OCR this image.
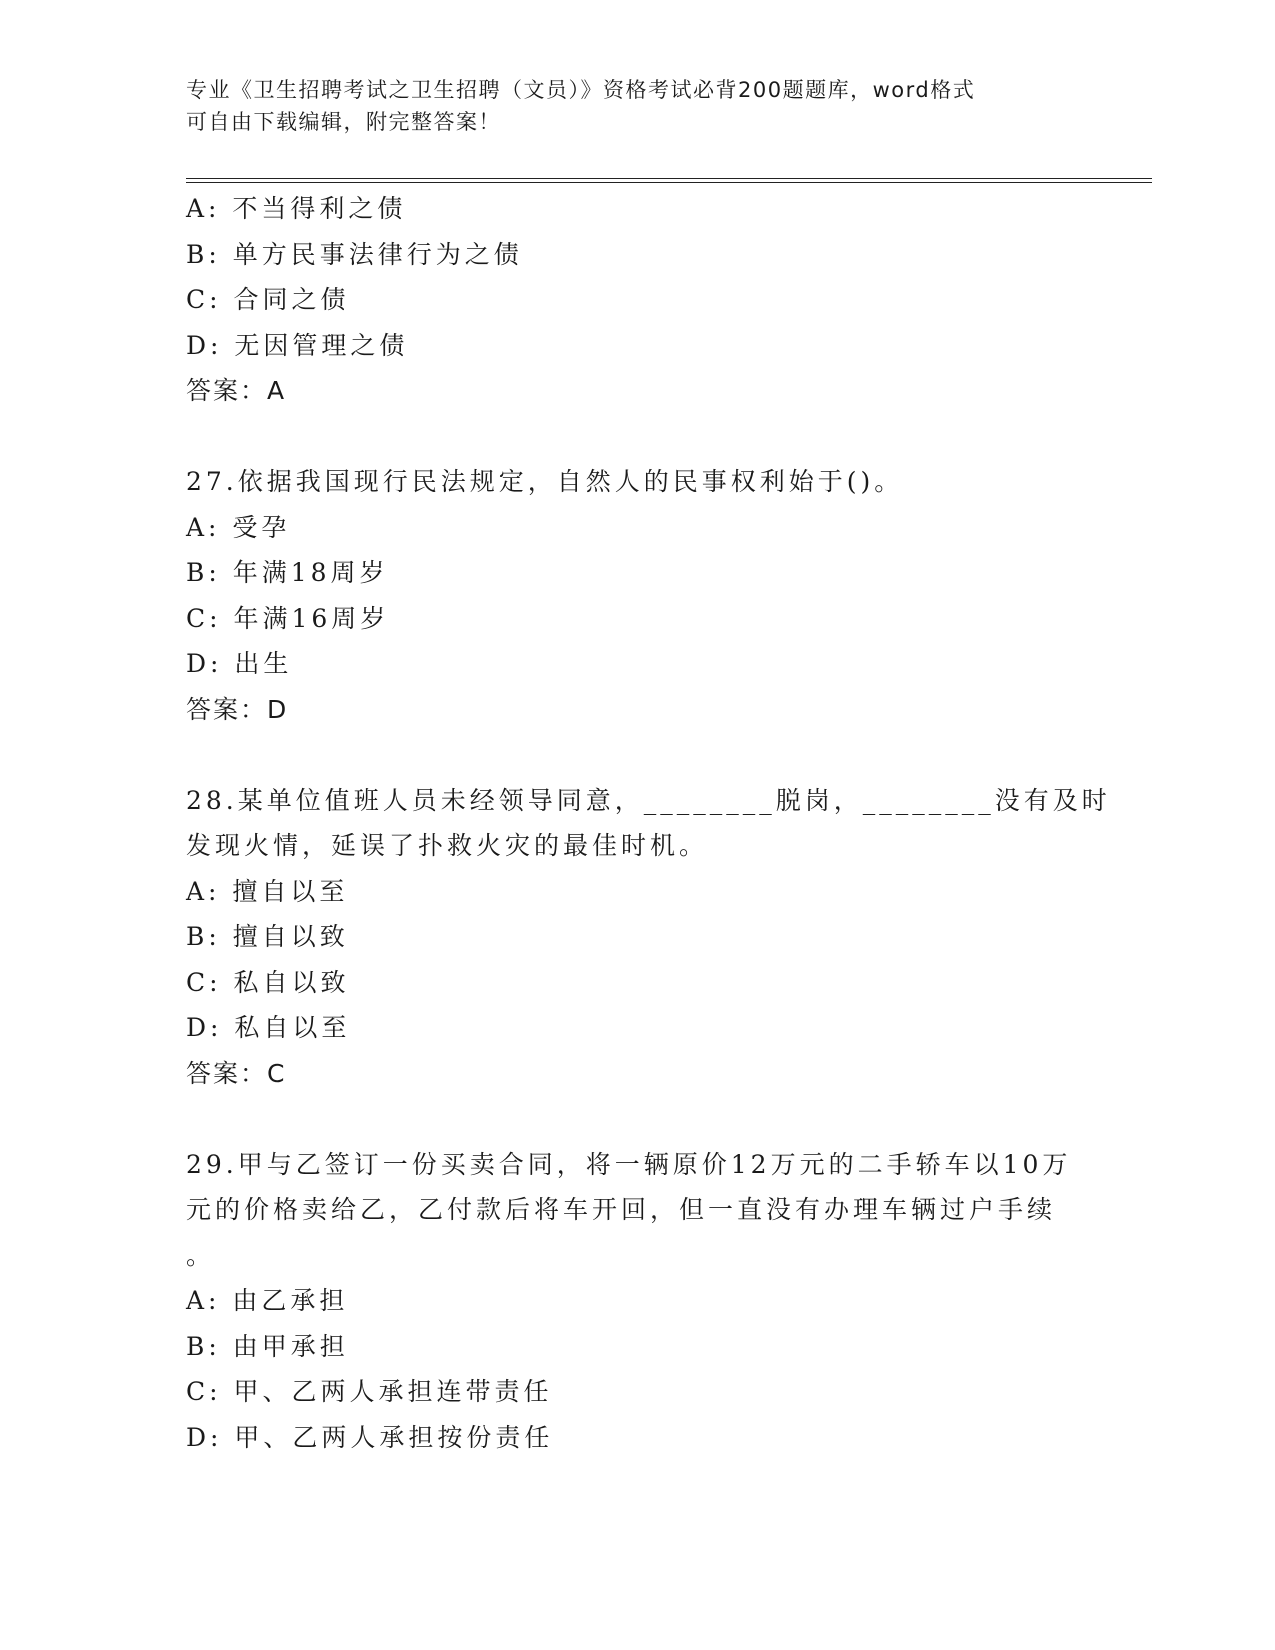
专业《卫生招聘考试之卫生招聘（文员）》资格考试必背200题题库，word格式
可自由下载编辑，附完整答案！
A: 不当得利之债
B: 单方民事法律行为之债
C: 合同之债
D: 无因管理之债
答案：A
27.依据我国现行民法规定，自然人的民事权利始于()。
A: 受孕
B: 年满18周岁
C: 年满16周岁
D: 出生
答案：D
28.某单位值班人员未经领导同意，________脱岗，________没有及时
发现火情，延误了扑救火灾的最佳时机。
A: 擅自以至
B: 擅自以致
C: 私自以致
D: 私自以至
答案：C
29.甲与乙签订一份买卖合同，将一辆原价12万元的二手轿车以10万
元的价格卖给乙，乙付款后将车开回，但一直没有办理车辆过户手续
。
A: 由乙承担
B: 由甲承担
C: 甲、乙两人承担连带责任
D: 甲、乙两人承担按份责任
